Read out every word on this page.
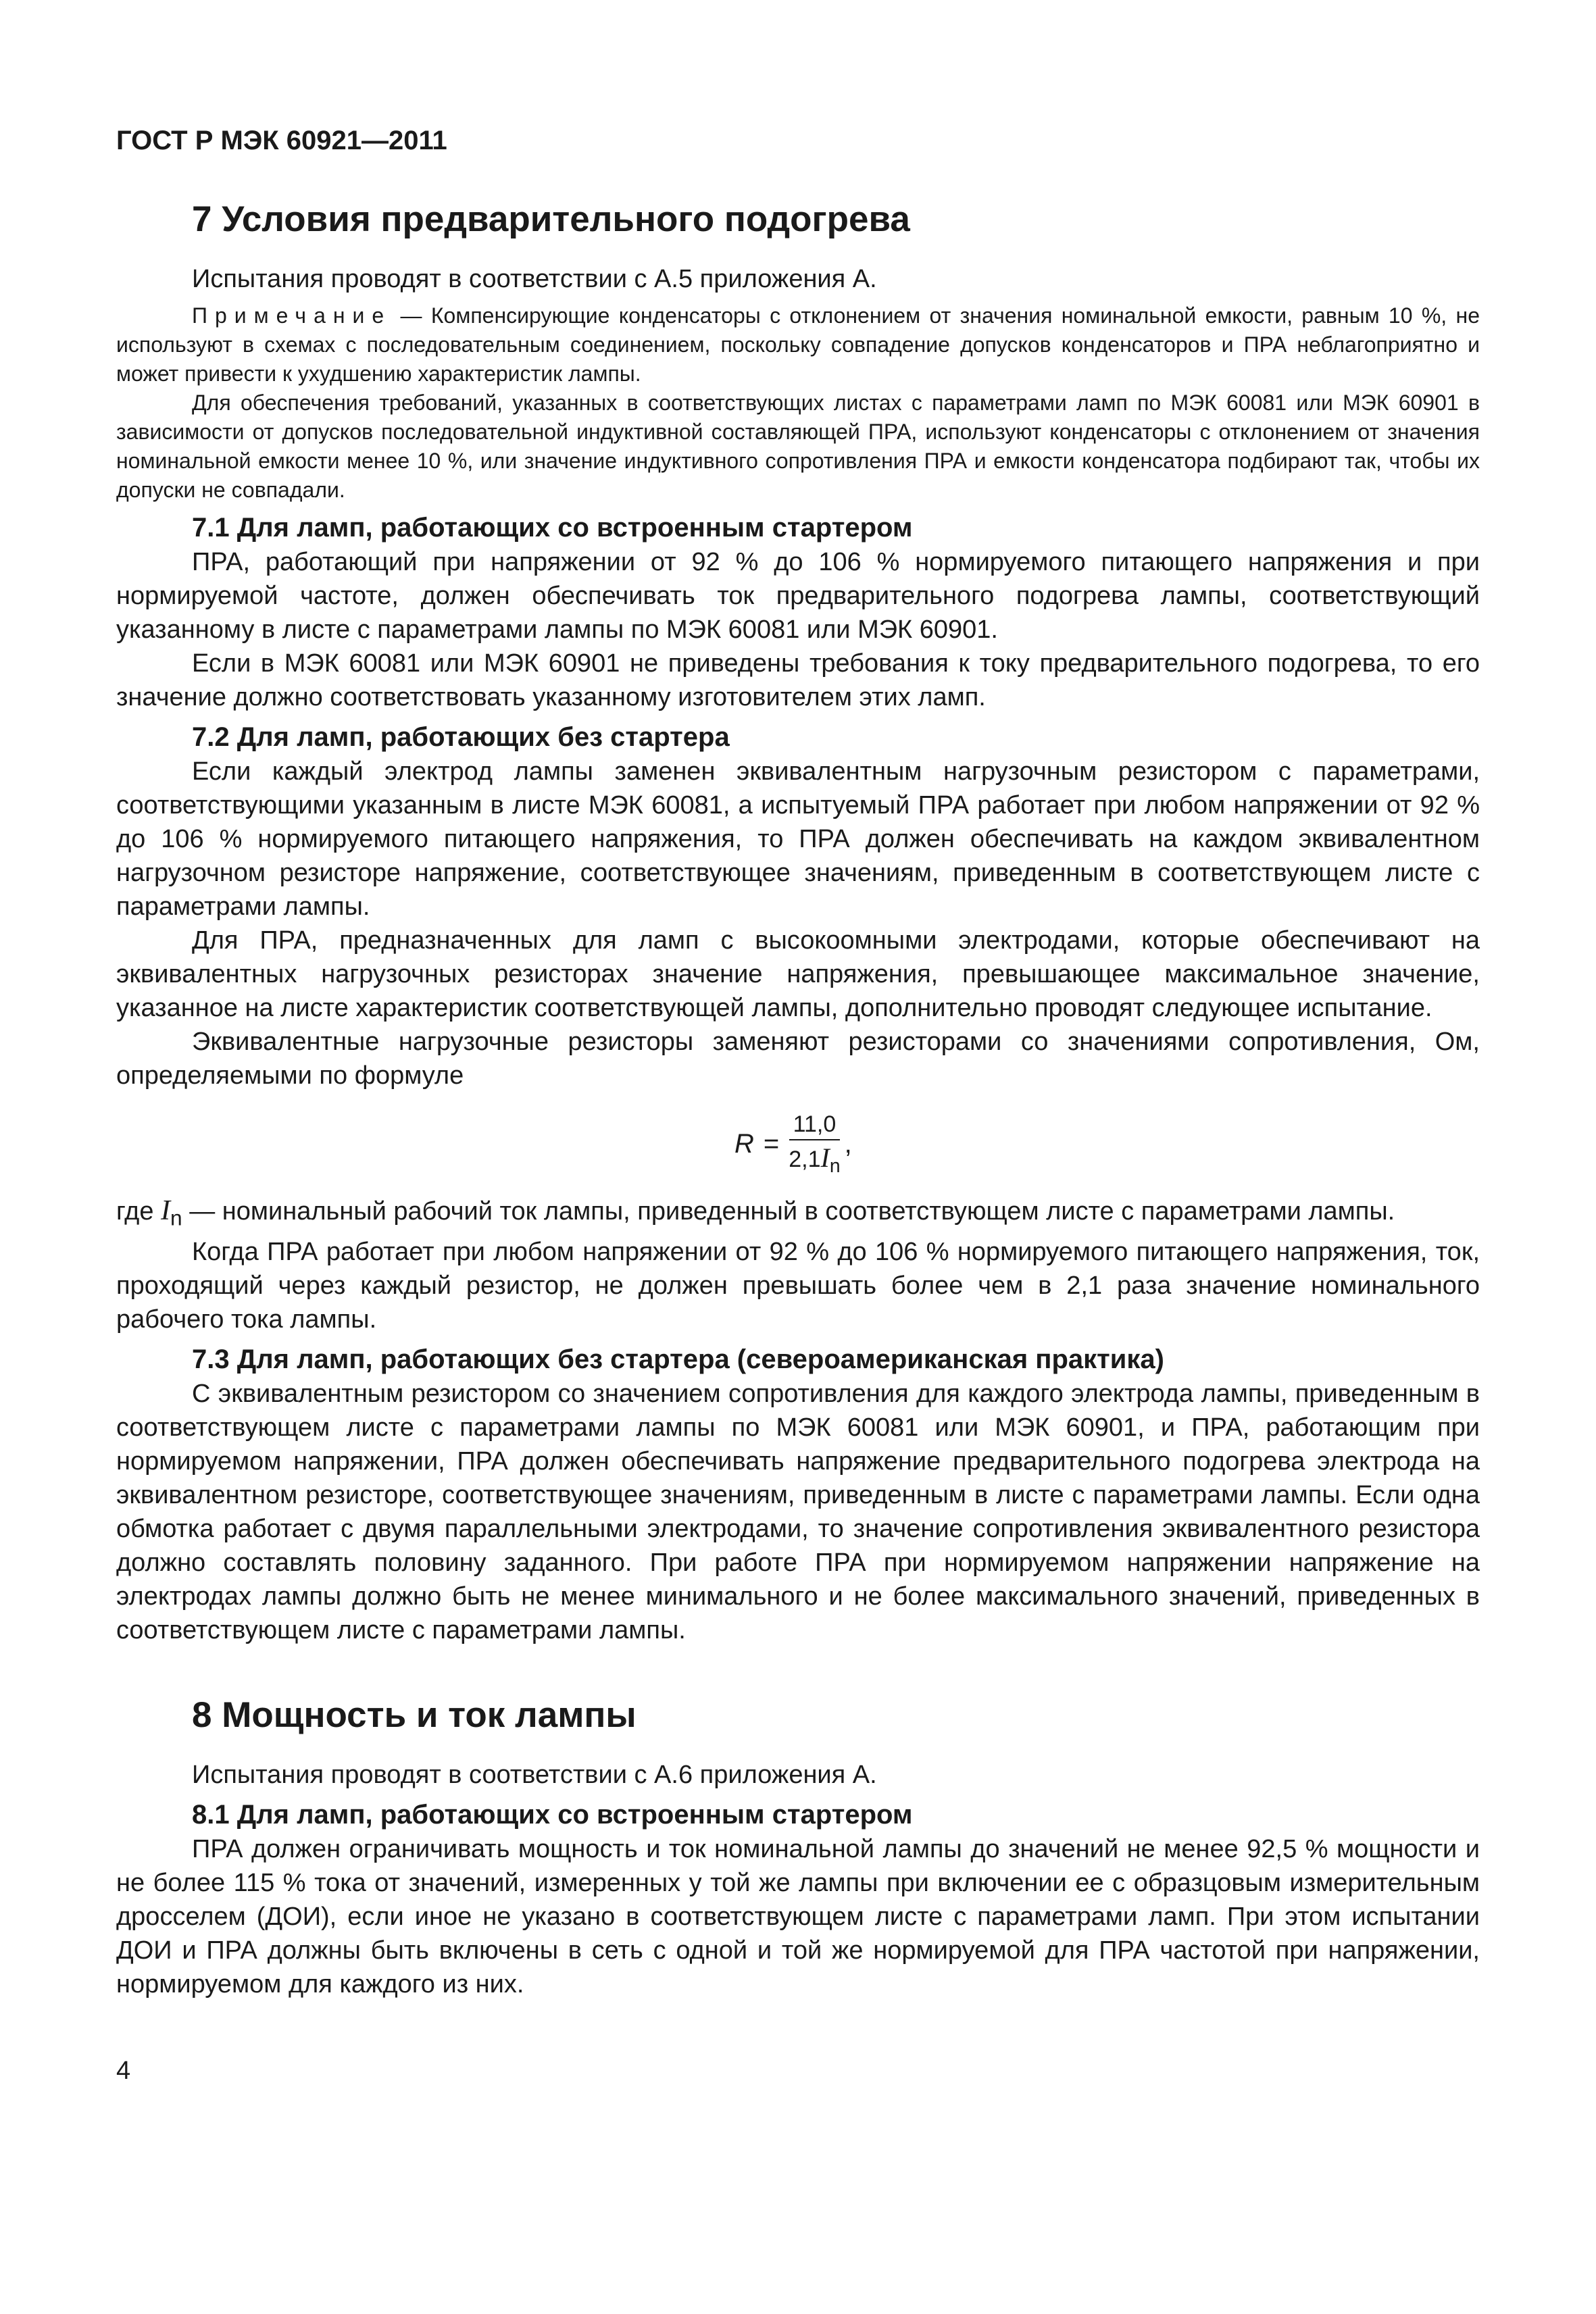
ГОСТ Р МЭК 60921—2011
7 Условия предварительного подогрева

Испытания проводят в соответствии с А.5 приложения А.

Примечание — Компенсирующие конденсаторы с отклонением от значения номинальной емкости, равным 10 %, не используют в схемах с последовательным соединением, поскольку совпадение допусков конденсаторов и ПРА неблагоприятно и может привести к ухудшению характеристик лампы.

Для обеспечения требований, указанных в соответствующих листах с параметрами ламп по МЭК 60081 или МЭК 60901 в зависимости от допусков последовательной индуктивной составляющей ПРА, используют конденсаторы с отклонением от значения номинальной емкости менее 10 %, или значение индуктивного сопротивления ПРА и емкости конденсатора подбирают так, чтобы их допуски не совпадали.

7.1 Для ламп, работающих со встроенным стартером

ПРА, работающий при напряжении от 92 % до 106 % нормируемого питающего напряжения и при нормируемой частоте, должен обеспечивать ток предварительного подогрева лампы, соответствующий указанному в листе с параметрами лампы по МЭК 60081 или МЭК 60901.

Если в МЭК 60081 или МЭК 60901 не приведены требования к току предварительного подогрева, то его значение должно соответствовать указанному изготовителем этих ламп.

7.2 Для ламп, работающих без стартера

Если каждый электрод лампы заменен эквивалентным нагрузочным резистором с параметрами, соответствующими указанным в листе МЭК 60081, а испытуемый ПРА работает при любом напряжении от 92 % до 106 % нормируемого питающего напряжения, то ПРА должен обеспечивать на каждом эквивалентном нагрузочном резисторе напряжение, соответствующее значениям, приведенным в соответствующем листе с параметрами лампы.

Для ПРА, предназначенных для ламп с высокоомными электродами, которые обеспечивают на эквивалентных нагрузочных резисторах значение напряжения, превышающее максимальное значение, указанное на листе характеристик соответствующей лампы, дополнительно проводят следующее испытание.

Эквивалентные нагрузочные резисторы заменяют резисторами со значениями сопротивления, Ом, определяемыми по формуле

$R = \frac{11,0}{2,1I_n}$ ,

где $I_n$ — номинальный рабочий ток лампы, приведенный в соответствующем листе с параметрами лампы.

Когда ПРА работает при любом напряжении от 92 % до 106 % нормируемого питающего напряжения, ток, проходящий через каждый резистор, не должен превышать более чем в 2,1 раза значение номинального рабочего тока лампы.

7.3 Для ламп, работающих без стартера (североамериканская практика)

С эквивалентным резистором со значением сопротивления для каждого электрода лампы, приведенным в соответствующем листе с параметрами лампы по МЭК 60081 или МЭК 60901, и ПРА, работающим при нормируемом напряжении, ПРА должен обеспечивать напряжение предварительного подогрева электрода на эквивалентном резисторе, соответствующее значениям, приведенным в листе с параметрами лампы. Если одна обмотка работает с двумя параллельными электродами, то значение сопротивления эквивалентного резистора должно составлять половину заданного. При работе ПРА при нормируемом напряжении напряжение на электродах лампы должно быть не менее минимального и не более максимального значений, приведенных в соответствующем листе с параметрами лампы.

8 Мощность и ток лампы

Испытания проводят в соответствии с А.6 приложения А.

8.1 Для ламп, работающих со встроенным стартером

ПРА должен ограничивать мощность и ток номинальной лампы до значений не менее 92,5 % мощности и не более 115 % тока от значений, измеренных у той же лампы при включении ее с образцовым измерительным дросселем (ДОИ), если иное не указано в соответствующем листе с параметрами ламп. При этом испытании ДОИ и ПРА должны быть включены в сеть с одной и той же нормируемой для ПРА частотой при напряжении, нормируемом для каждого из них.

4
